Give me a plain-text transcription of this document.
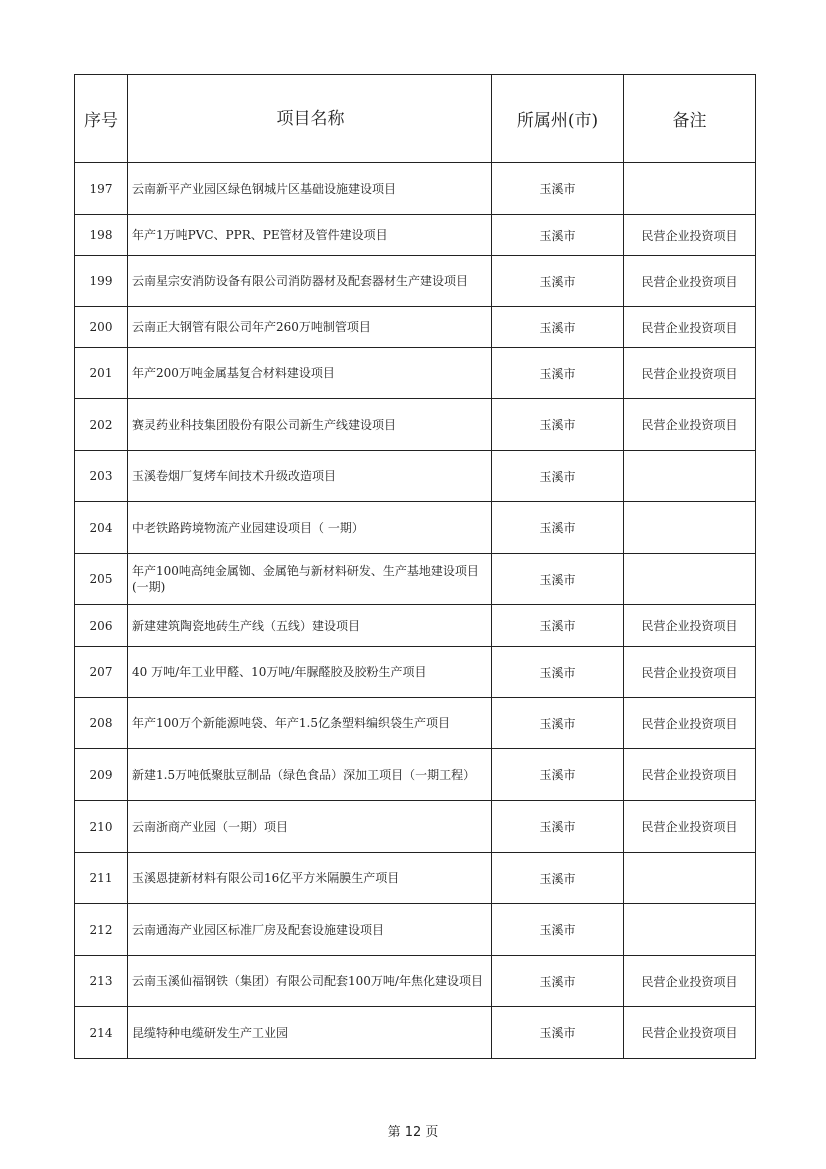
序号	项目名称	所属州(市)	备注
197	云南新平产业园区绿色钢城片区基础设施建设项目	玉溪市	
198	年产1万吨PVC、PPR、PE管材及管件建设项目	玉溪市	民营企业投资项目
199	云南星宗安消防设备有限公司消防器材及配套器材生产建设项目	玉溪市	民营企业投资项目
200	云南正大钢管有限公司年产260万吨制管项目	玉溪市	民营企业投资项目
201	年产200万吨金属基复合材料建设项目	玉溪市	民营企业投资项目
202	赛灵药业科技集团股份有限公司新生产线建设项目	玉溪市	民营企业投资项目
203	玉溪卷烟厂复烤车间技术升级改造项目	玉溪市	
204	中老铁路跨境物流产业园建设项目（ 一期）	玉溪市	
205	年产100吨高纯金属铷、金属铯与新材料研发、生产基地建设项目(一期)	玉溪市	
206	新建建筑陶瓷地砖生产线（五线）建设项目	玉溪市	民营企业投资项目
207	40 万吨/年工业甲醛、10万吨/年脲醛胶及胶粉生产项目	玉溪市	民营企业投资项目
208	年产100万个新能源吨袋、年产1.5亿条塑料编织袋生产项目	玉溪市	民营企业投资项目
209	新建1.5万吨低聚肽豆制品（绿色食品）深加工项目（一期工程）	玉溪市	民营企业投资项目
210	云南浙商产业园（一期）项目	玉溪市	民营企业投资项目
211	玉溪恩捷新材料有限公司16亿平方米隔膜生产项目	玉溪市	
212	云南通海产业园区标准厂房及配套设施建设项目	玉溪市	
213	云南玉溪仙福钢铁（集团）有限公司配套100万吨/年焦化建设项目	玉溪市	民营企业投资项目
214	昆缆特种电缆研发生产工业园	玉溪市	民营企业投资项目
第 12 页
